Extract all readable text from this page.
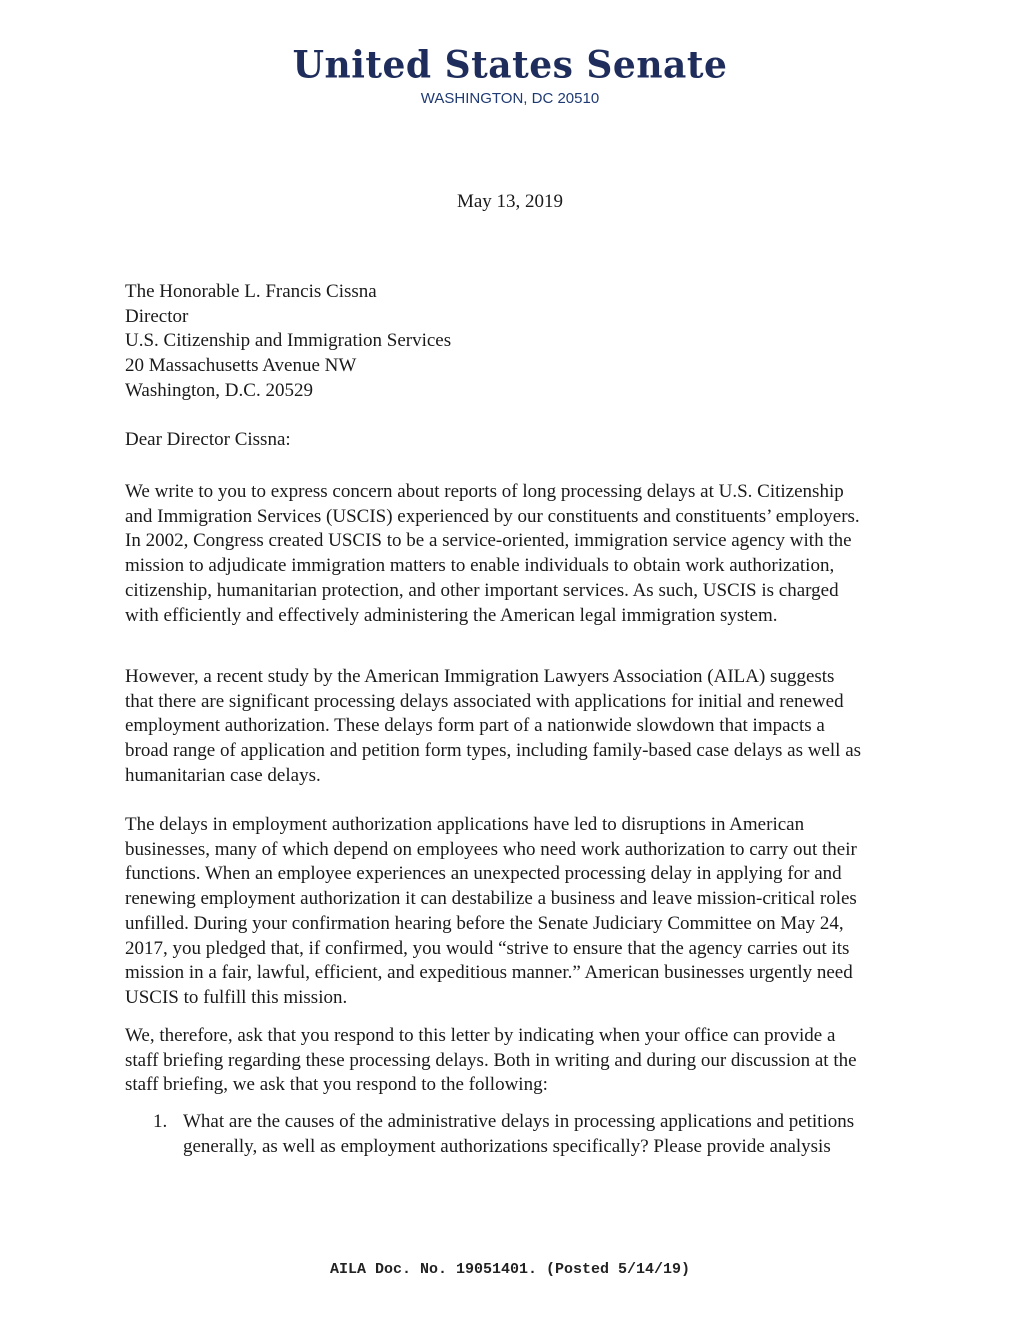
United States Senate
WASHINGTON, DC 20510
May 13, 2019
The Honorable L. Francis Cissna
Director
U.S. Citizenship and Immigration Services
20 Massachusetts Avenue NW
Washington, D.C. 20529
Dear Director Cissna:
We write to you to express concern about reports of long processing delays at U.S. Citizenship
and Immigration Services (USCIS) experienced by our constituents and constituents’ employers.
In 2002, Congress created USCIS to be a service-oriented, immigration service agency with the
mission to adjudicate immigration matters to enable individuals to obtain work authorization,
citizenship, humanitarian protection, and other important services. As such, USCIS is charged
with efficiently and effectively administering the American legal immigration system.
However, a recent study by the American Immigration Lawyers Association (AILA) suggests
that there are significant processing delays associated with applications for initial and renewed
employment authorization. These delays form part of a nationwide slowdown that impacts a
broad range of application and petition form types, including family-based case delays as well as
humanitarian case delays.
The delays in employment authorization applications have led to disruptions in American
businesses, many of which depend on employees who need work authorization to carry out their
functions. When an employee experiences an unexpected processing delay in applying for and
renewing employment authorization it can destabilize a business and leave mission-critical roles
unfilled. During your confirmation hearing before the Senate Judiciary Committee on May 24,
2017, you pledged that, if confirmed, you would “strive to ensure that the agency carries out its
mission in a fair, lawful, efficient, and expeditious manner.” American businesses urgently need
USCIS to fulfill this mission.
We, therefore, ask that you respond to this letter by indicating when your office can provide a
staff briefing regarding these processing delays. Both in writing and during our discussion at the
staff briefing, we ask that you respond to the following:
1. What are the causes of the administrative delays in processing applications and petitions
generally, as well as employment authorizations specifically? Please provide analysis
AILA Doc. No. 19051401. (Posted 5/14/19)
